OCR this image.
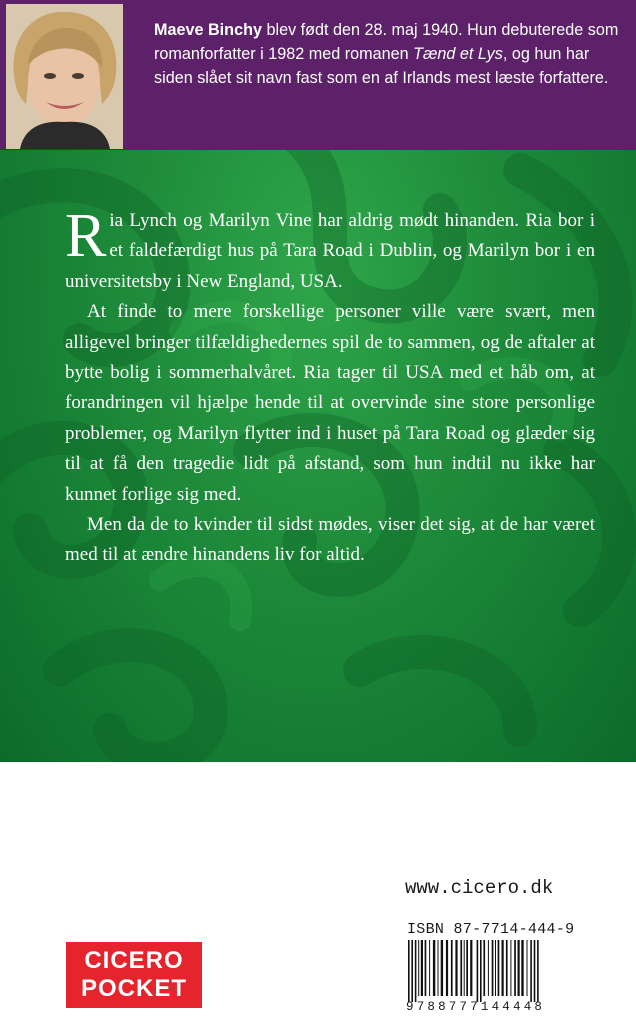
Maeve Binchy blev født den 28. maj 1940. Hun debuterede som romanforfatter i 1982 med romanen Tænd et Lys, og hun har siden slået sit navn fast som en af Irlands mest læste forfattere.

Ria Lynch og Marilyn Vine har aldrig mødt hinanden. Ria bor i et faldefærdigt hus på Tara Road i Dublin, og Marilyn bor i en universitetsby i New England, USA.

At finde to mere forskellige personer ville være svært, men alligevel bringer tilfældighedernes spil de to sammen, og de aftaler at bytte bolig i sommerhalvåret. Ria tager til USA med et håb om, at forandringen vil hjælpe hende til at overvinde sine store personlige problemer, og Marilyn flytter ind i huset på Tara Road og glæder sig til at få den tragedie lidt på afstand, som hun indtil nu ikke har kunnet forlige sig med.

Men da de to kvinder til sidst mødes, viser det sig, at de har været med til at ændre hinandens liv for altid.

www.cicero.dk
ISBN 87-7714-444-9
9788777144448
CICERO
POCKET
